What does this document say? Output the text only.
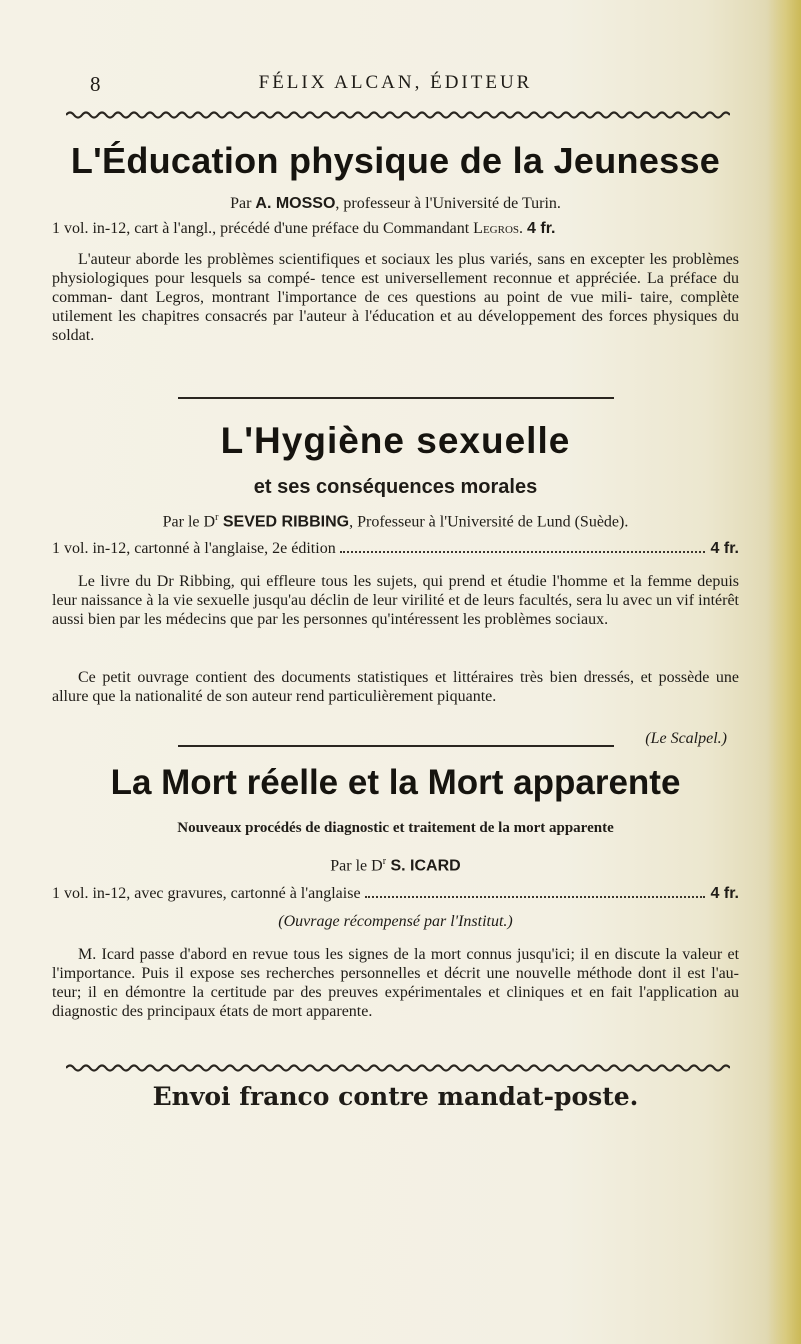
8	FÉLIX ALCAN, ÉDITEUR
L'Éducation physique de la Jeunesse
Par A. MOSSO, professeur à l'Université de Turin.
1 vol. in-12, cart à l'angl., précédé d'une préface du Commandant Legros. 4 fr.

L'auteur aborde les problèmes scientifiques et sociaux les plus variés, sans en excepter les problèmes physiologiques pour lesquels sa compé- tence est universellement reconnue et appréciée. La préface du comman- dant Legros, montrant l'importance de ces questions au point de vue mili- taire, complète utilement les chapitres consacrés par l'auteur à l'éducation et au développement des forces physiques du soldat.

L'Hygiène sexuelle
et ses conséquences morales
Par le $D^r$ SEVED RIBBING, Professeur à l'Université de Lund (Suède).
1 vol. in-12, cartonné à l'anglaise, 2e édition	4 fr.

Le livre du Dr Ribbing, qui effleure tous les sujets, qui prend et étudie l'homme et la femme depuis leur naissance à la vie sexuelle jusqu'au déclin de leur virilité et de leurs facultés, sera lu avec un vif intérêt aussi bien par les médecins que par les personnes qu'intéressent les problèmes sociaux.

Ce petit ouvrage contient des documents statistiques et littéraires très bien dressés, et possède une allure que la nationalité de son auteur rend particulièrement piquante.

(Le Scalpel.)
La Mort réelle et la Mort apparente
Nouveaux procédés de diagnostic et traitement de la mort apparente
Par le $D^r$ S. ICARD
1 vol. in-12, avec gravures, cartonné à l'anglaise	4 fr.
(Ouvrage récompensé par l'Institut.)

M. Icard passe d'abord en revue tous les signes de la mort connus jusqu'ici; il en discute la valeur et l'importance. Puis il expose ses recherches personnelles et décrit une nouvelle méthode dont il est l'au- teur; il en démontre la certitude par des preuves expérimentales et cliniques et en fait l'application au diagnostic des principaux états de mort apparente.

Envoi franco contre mandat-poste.
